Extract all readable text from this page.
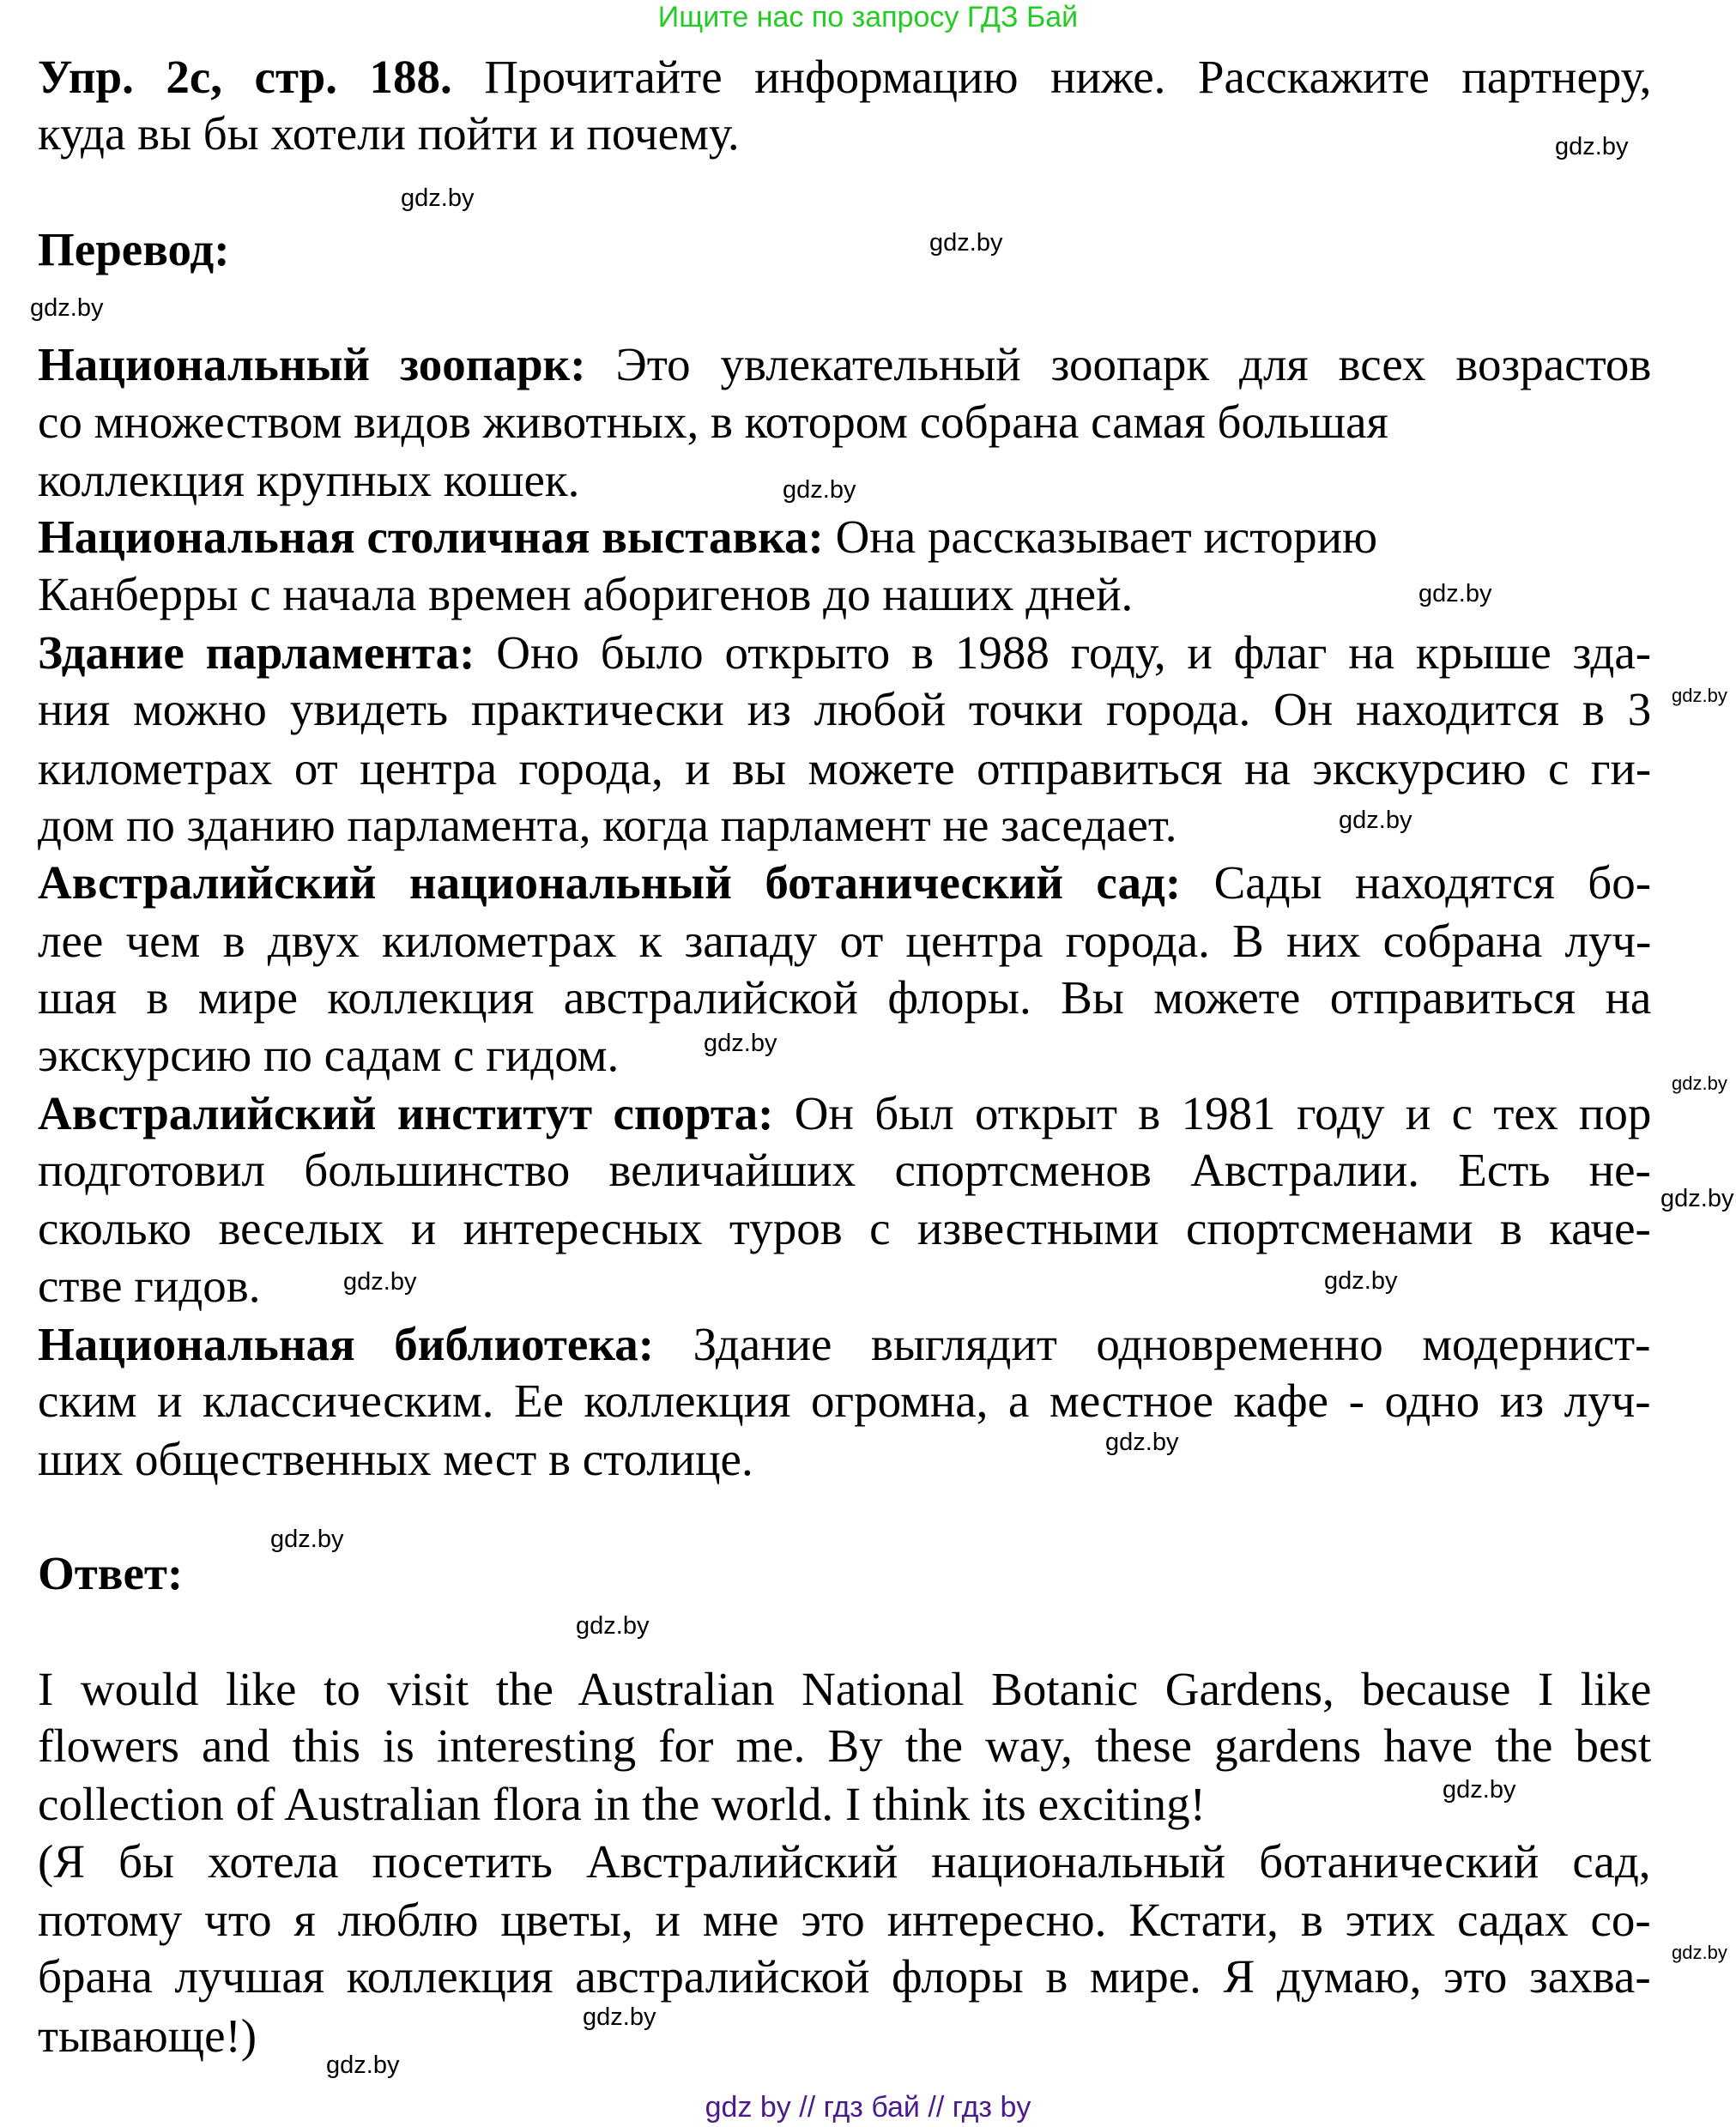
Ищите нас по запросу ГДЗ Бай
Упр. 2с, стр. 188. Прочитайте информацию ниже. Расскажите партнеру,
куда вы бы хотели пойти и почему.
Перевод:
Национальный зоопарк: Это увлекательный зоопарк для всех возрастов
со множеством видов животных, в котором собрана самая большая
коллекция крупных кошек.
Национальная столичная выставка: Она рассказывает историю
Канберры с начала времен аборигенов до наших дней.
Здание парламента: Оно было открыто в 1988 году, и флаг на крыше зда-
ния можно увидеть практически из любой точки города. Он находится в 3
километрах от центра города, и вы можете отправиться на экскурсию с ги-
дом по зданию парламента, когда парламент не заседает.
Австралийский национальный ботанический сад: Сады находятся бо-
лее чем в двух километрах к западу от центра города. В них собрана луч-
шая в мире коллекция австралийской флоры. Вы можете отправиться на
экскурсию по садам с гидом.
Австралийский институт спорта: Он был открыт в 1981 году и с тех пор
подготовил большинство величайших спортсменов Австралии. Есть не-
сколько веселых и интересных туров с известными спортсменами в каче-
стве гидов.
Национальная библиотека: Здание выглядит одновременно модернист-
ским и классическим. Ее коллекция огромна, а местное кафе - одно из луч-
ших общественных мест в столице.
Ответ:
I would like to visit the Australian National Botanic Gardens, because I like
flowers and this is interesting for me. By the way, these gardens have the best
collection of Australian flora in the world. I think its exciting!
(Я бы хотела посетить Австралийский национальный ботанический сад,
потому что я люблю цветы, и мне это интересно. Кстати, в этих садах со-
брана лучшая коллекция австралийской флоры в мире. Я думаю, это захва-
тывающе!)
gdz.by
gdz.by
gdz.by
gdz.by
gdz.by
gdz.by
gdz.by
gdz.by
gdz.by
gdz.by
gdz.by
gdz.by	gdz.by
gdz.by
gdz.by
gdz.by
gdz.by
gdz.by
gdz.by
gdz.by
gdz by // гдз бай // гдз by
